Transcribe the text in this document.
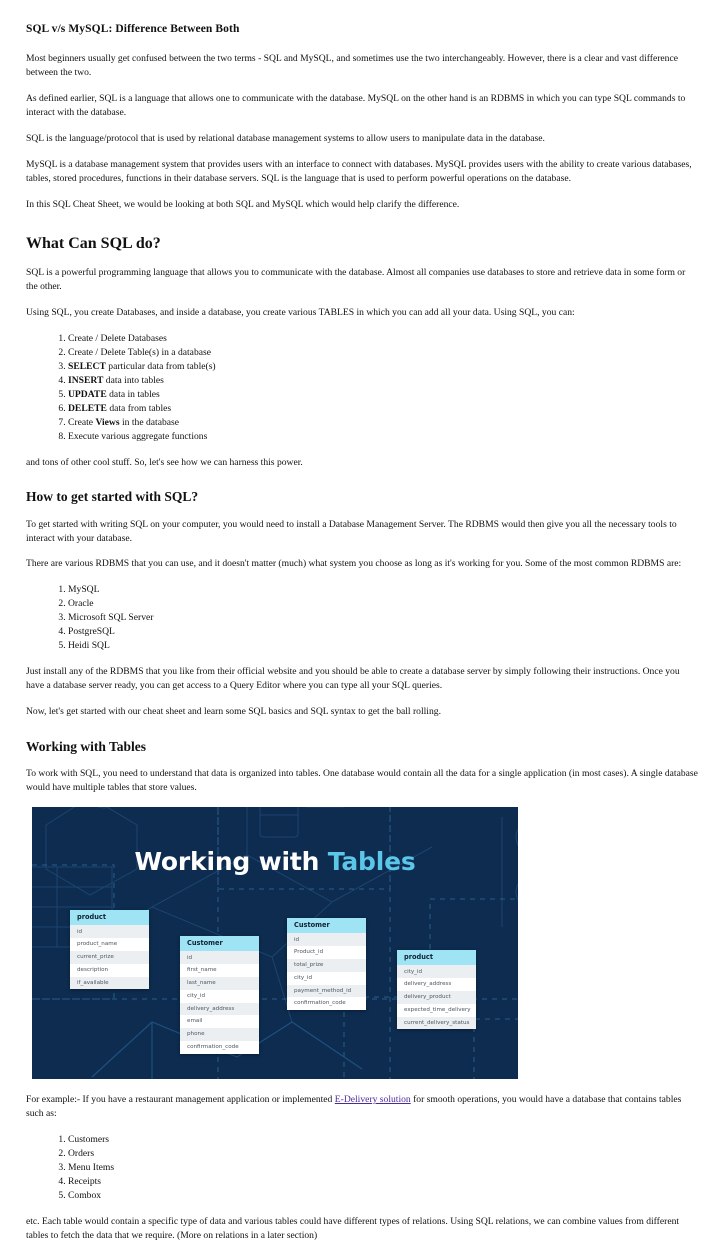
SQL v/s MySQL: Difference Between Both

Most beginners usually get confused between the two terms - SQL and MySQL, and sometimes use the two interchangeably. However, there is a clear and vast difference between the two.

As defined earlier, SQL is a language that allows one to communicate with the database. MySQL on the other hand is an RDBMS in which you can type SQL commands to interact with the database.

SQL is the language/protocol that is used by relational database management systems to allow users to manipulate data in the database.

MySQL is a database management system that provides users with an interface to connect with databases. MySQL provides users with the ability to create various databases, tables, stored procedures, functions in their database servers. SQL is the language that is used to perform powerful operations on the database.

In this SQL Cheat Sheet, we would be looking at both SQL and MySQL which would help clarify the difference.

What Can SQL do?

SQL is a powerful programming language that allows you to communicate with the database. Almost all companies use databases to store and retrieve data in some form or the other.

Using SQL, you create Databases, and inside a database, you create various TABLES in which you can add all your data. Using SQL, you can:

1. Create / Delete Databases
2. Create / Delete Table(s) in a database
3. SELECT particular data from table(s)
4. INSERT data into tables
5. UPDATE data in tables
6. DELETE data from tables
7. Create Views in the database
8. Execute various aggregate functions

and tons of other cool stuff. So, let's see how we can harness this power.

How to get started with SQL?

To get started with writing SQL on your computer, you would need to install a Database Management Server. The RDBMS would then give you all the necessary tools to interact with your database.

There are various RDBMS that you can use, and it doesn't matter (much) what system you choose as long as it's working for you. Some of the most common RDBMS are:

1. MySQL
2. Oracle
3. Microsoft SQL Server
4. PostgreSQL
5. Heidi SQL

Just install any of the RDBMS that you like from their official website and you should be able to create a database server by simply following their instructions. Once you have a database server ready, you can get access to a Query Editor where you can type all your SQL queries.

Now, let's get started with our cheat sheet and learn some SQL basics and SQL syntax to get the ball rolling.

Working with Tables

To work with SQL, you need to understand that data is organized into tables. One database would contain all the data for a single application (in most cases). A single database would have multiple tables that store values.

Working with Tables
product
id
product_name
current_prize
description
if_available
Customer
id
first_name
last_name
city_id
delivery_address
email
phone
confirmation_code
Customer
id
Product_id
total_prize
city_id
payment_method_id
confirmation_code
product
city_id
delivery_address
delivery_product
expected_time_delivery
current_delivery_status

For example:- If you have a restaurant management application or implemented E-Delivery solution for smooth operations, you would have a database that contains tables such as:

1. Customers
2. Orders
3. Menu Items
4. Receipts
5. Combox

etc. Each table would contain a specific type of data and various tables could have different types of relations. Using SQL relations, we can combine values from different tables to fetch the data that we require. (More on relations in a later section)
